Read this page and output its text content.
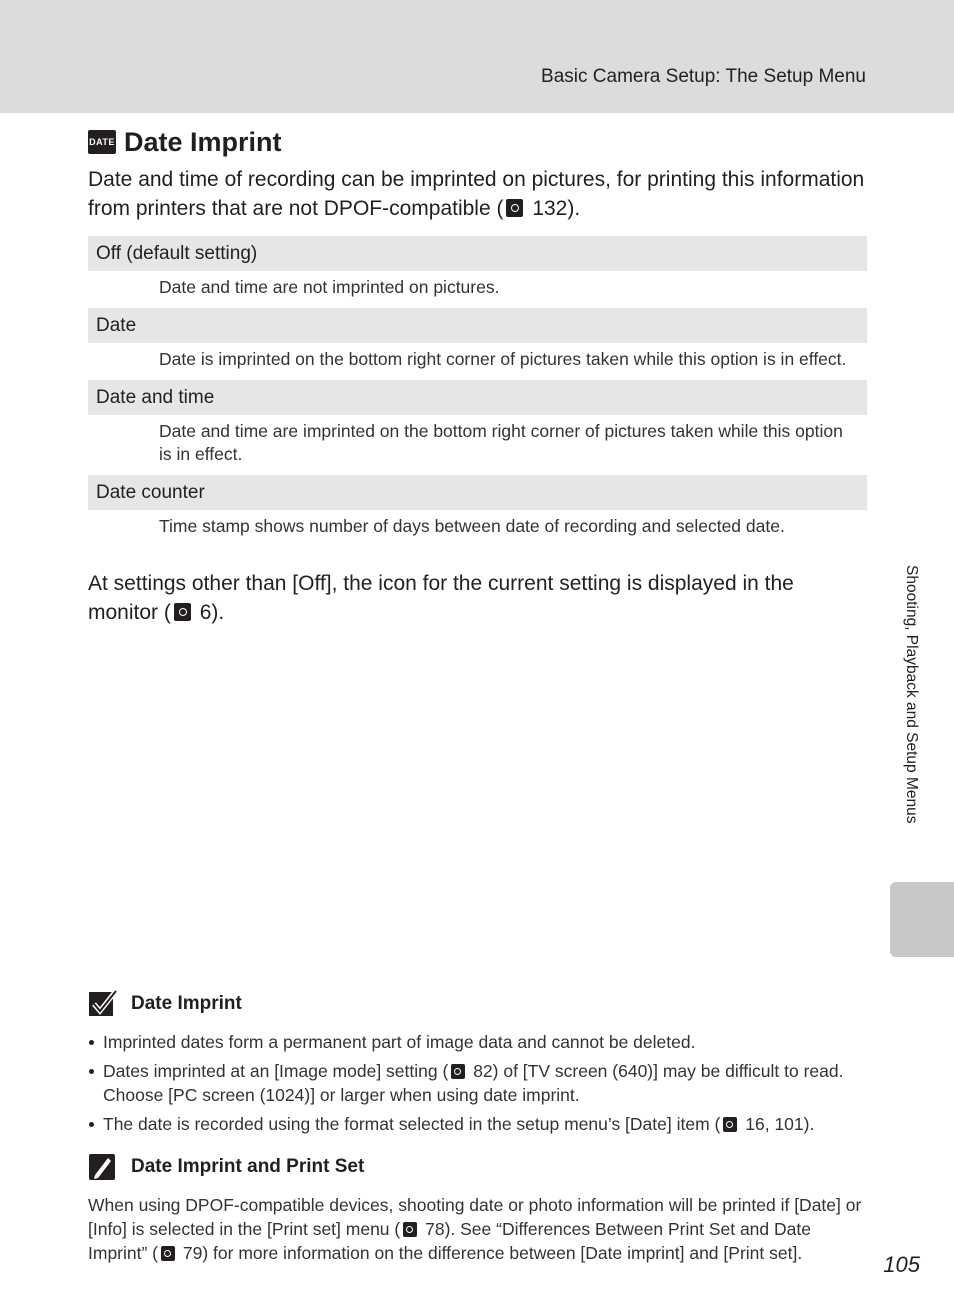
Basic Camera Setup: The Setup Menu
DATE Date Imprint
Date and time of recording can be imprinted on pictures, for printing this information from printers that are not DPOF-compatible ( 132).
Off (default setting)
Date and time are not imprinted on pictures.
Date
Date is imprinted on the bottom right corner of pictures taken while this option is in effect.
Date and time
Date and time are imprinted on the bottom right corner of pictures taken while this option is in effect.
Date counter
Time stamp shows number of days between date of recording and selected date.
At settings other than [Off], the icon for the current setting is displayed in the monitor ( 6).	Shooting, Playback and Setup Menus
Date Imprint
Imprinted dates form a permanent part of image data and cannot be deleted.
Dates imprinted at an [Image mode] setting ( 82) of [TV screen (640)] may be difficult to read. Choose [PC screen (1024)] or larger when using date imprint.
The date is recorded using the format selected in the setup menu’s [Date] item ( 16, 101).
Date Imprint and Print Set
When using DPOF-compatible devices, shooting date or photo information will be printed if [Date] or [Info] is selected in the [Print set] menu ( 78). See “Differences Between Print Set and Date Imprint” ( 79) for more information on the difference between [Date imprint] and [Print set].	105
